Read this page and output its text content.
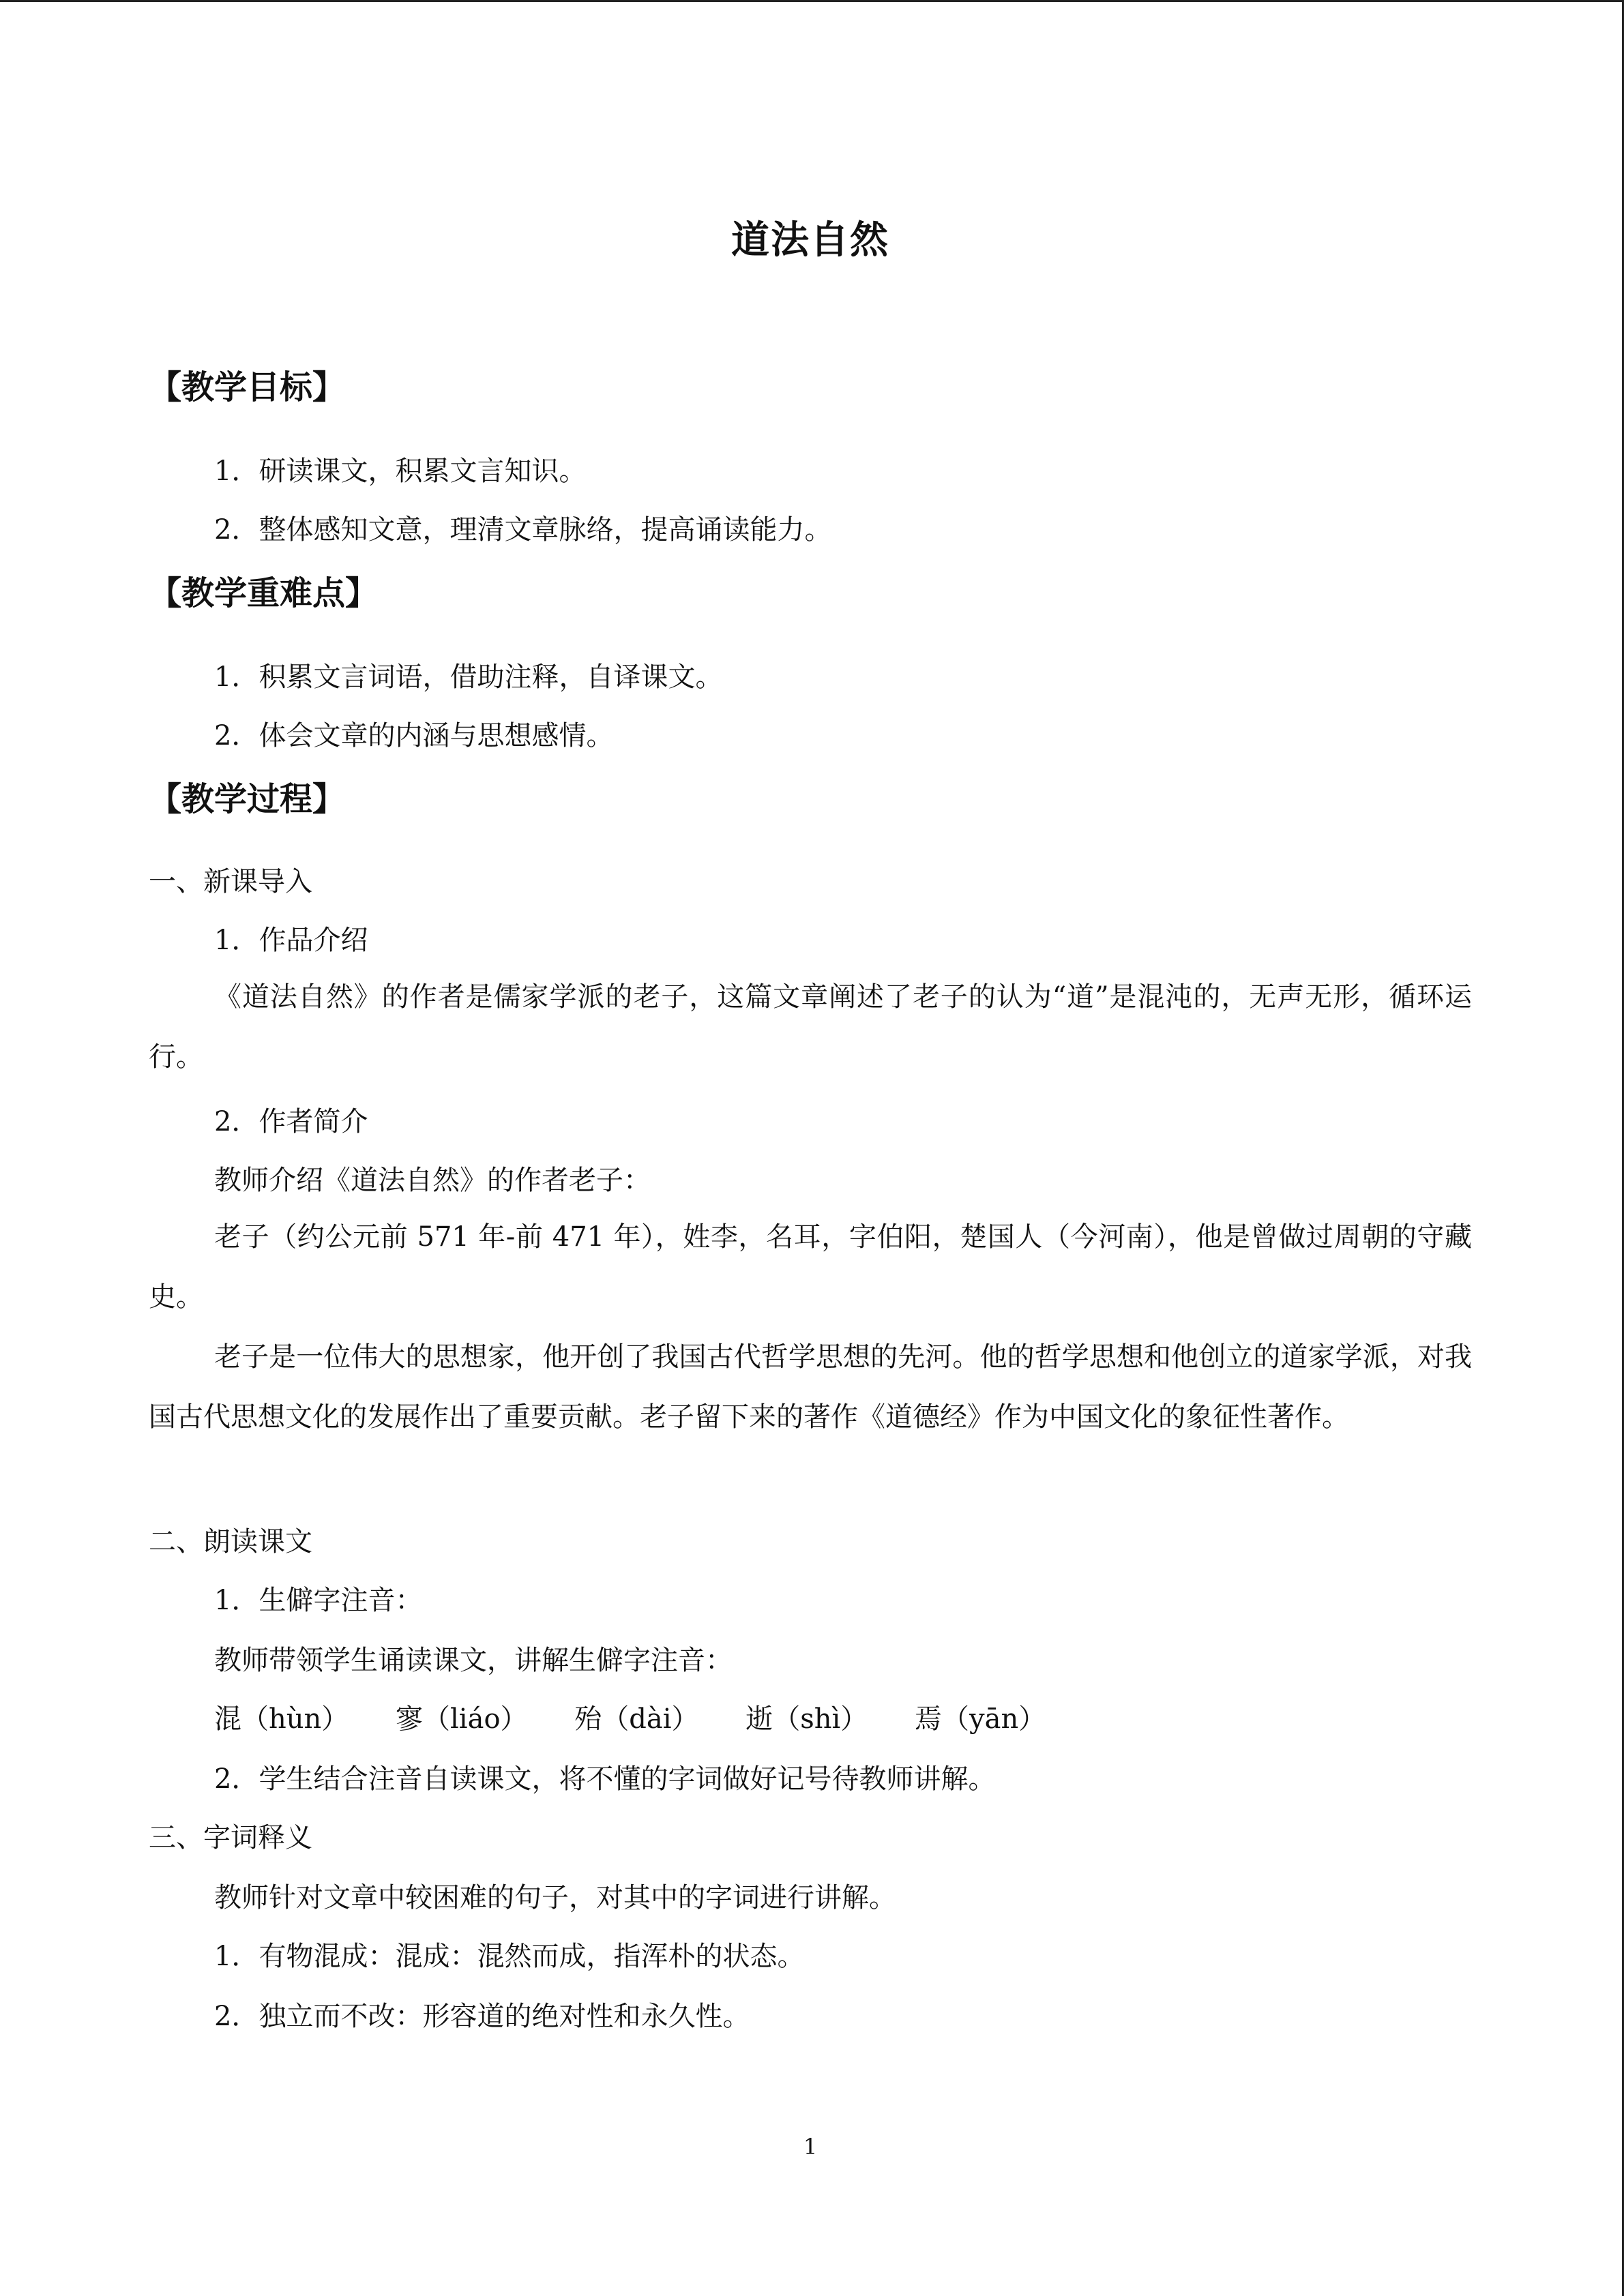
道法自然
【教学目标】
1．研读课文，积累文言知识。
2．整体感知文意，理清文章脉络，提高诵读能力。
【教学重难点】
1．积累文言词语，借助注释，自译课文。
2．体会文章的内涵与思想感情。
【教学过程】
一、新课导入
1．作品介绍
《道法自然》的作者是儒家学派的老子，这篇文章阐述了老子的认为“道”是混沌的，无声无形，循环运行。
2．作者简介
教师介绍《道法自然》的作者老子：
老子（约公元前 571 年-前 471 年），姓李，名耳，字伯阳，楚国人（今河南），他是曾做过周朝的守藏史。
老子是一位伟大的思想家，他开创了我国古代哲学思想的先河。他的哲学思想和他创立的道家学派，对我国古代思想文化的发展作出了重要贡献。老子留下来的著作《道德经》作为中国文化的象征性著作。
二、朗读课文
1．生僻字注音：
教师带领学生诵读课文，讲解生僻字注音：
混（hùn） 寥（liáo） 殆（dài） 逝（shì） 焉（yān）
2．学生结合注音自读课文，将不懂的字词做好记号待教师讲解。
三、字词释义
教师针对文章中较困难的句子，对其中的字词进行讲解。
1．有物混成：混成：混然而成，指浑朴的状态。
2．独立而不改：形容道的绝对性和永久性。
1
